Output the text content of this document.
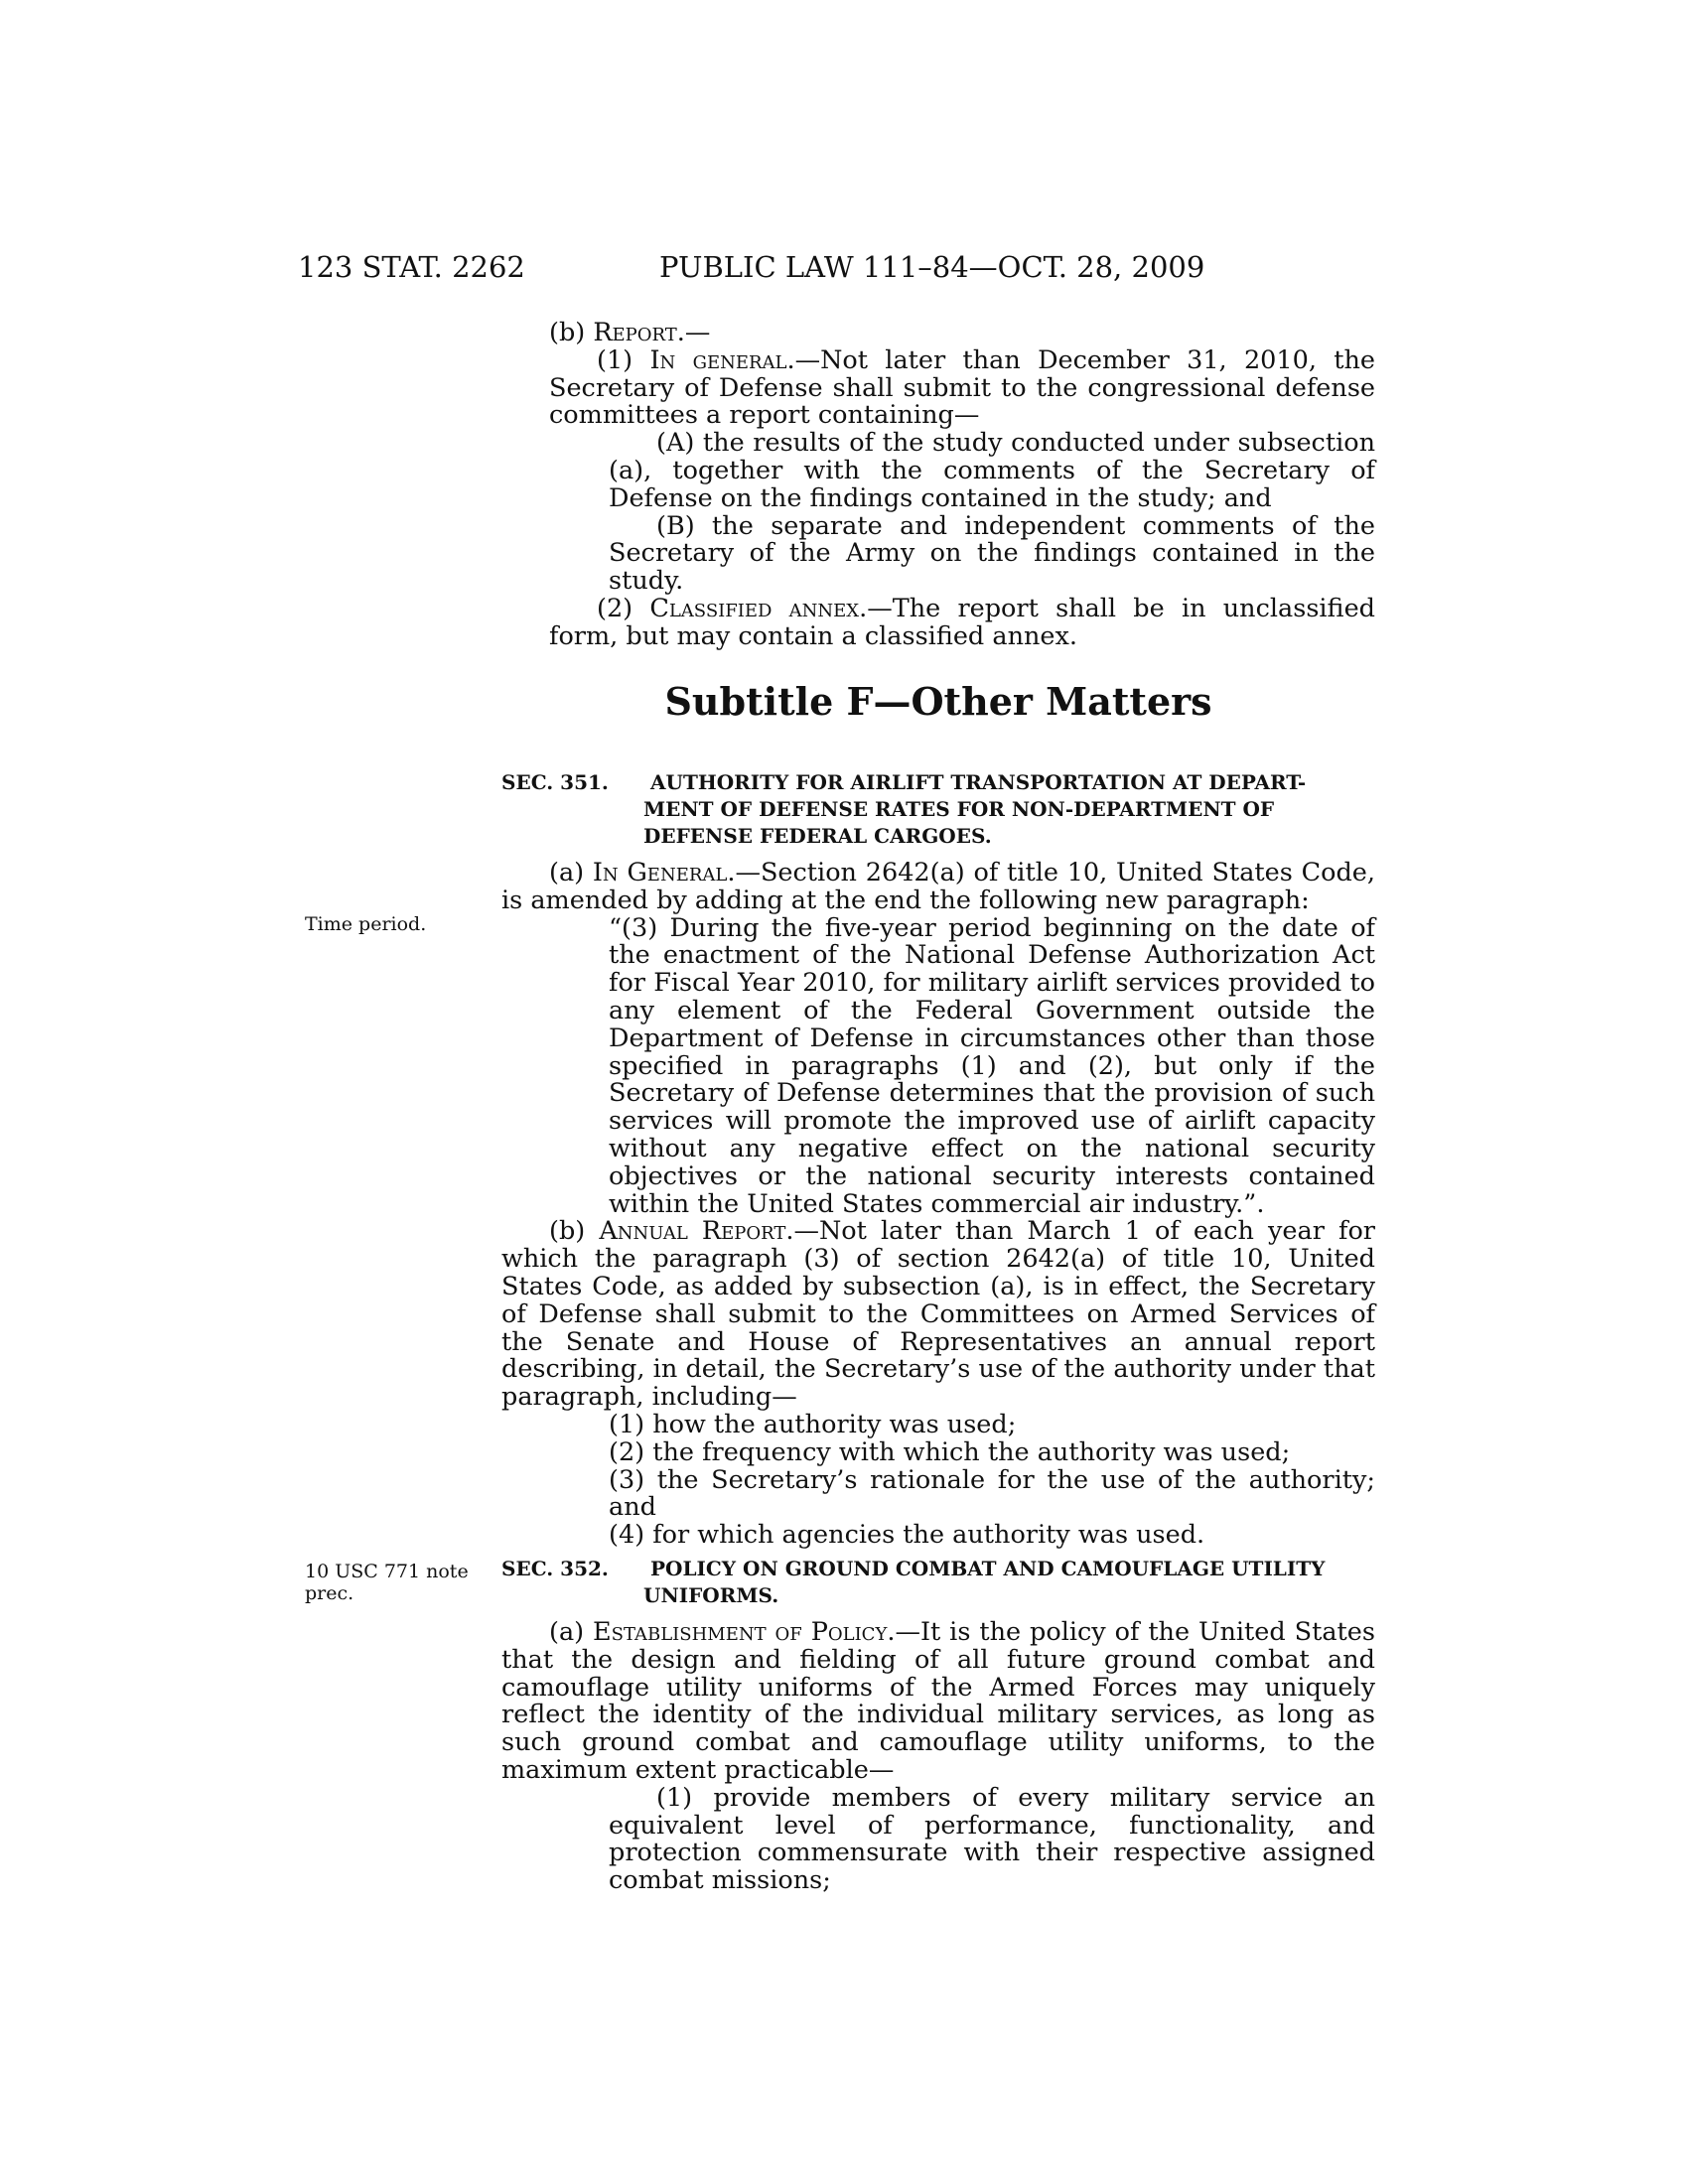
123 STAT. 2262	PUBLIC LAW 111–84—OCT. 28, 2009

(b) Report.—

(1) In general.—Not later than December 31, 2010, the Secretary of Defense shall submit to the congressional defense committees a report containing—

(A) the results of the study conducted under subsection (a), together with the comments of the Secretary of Defense on the findings contained in the study; and

(B) the separate and independent comments of the Secretary of the Army on the findings contained in the study.

(2) Classified annex.—The report shall be in unclassified form, but may contain a classified annex.

Subtitle F—Other Matters
SEC. 351. AUTHORITY FOR AIRLIFT TRANSPORTATION AT DEPART-
MENT OF DEFENSE RATES FOR NON-DEPARTMENT OF
DEFENSE FEDERAL CARGOES.

(a) In General.—Section 2642(a) of title 10, United States Code, is amended by adding at the end the following new paragraph:

“(3) During the five-year period beginning on the date of the enactment of the National Defense Authorization Act for Fiscal Year 2010, for military airlift services provided to any element of the Federal Government outside the Department of Defense in circumstances other than those specified in paragraphs (1) and (2), but only if the Secretary of Defense determines that the provision of such services will promote the improved use of airlift capacity without any negative effect on the national security objectives or the national security interests contained within the United States commercial air industry.”.

(b) Annual Report.—Not later than March 1 of each year for which the paragraph (3) of section 2642(a) of title 10, United States Code, as added by subsection (a), is in effect, the Secretary of Defense shall submit to the Committees on Armed Services of the Senate and House of Representatives an annual report describing, in detail, the Secretary’s use of the authority under that paragraph, including—

(1) how the authority was used;

(2) the frequency with which the authority was used;

(3) the Secretary’s rationale for the use of the authority; and

(4) for which agencies the authority was used.

SEC. 352. POLICY ON GROUND COMBAT AND CAMOUFLAGE UTILITY
UNIFORMS.

(a) Establishment of Policy.—It is the policy of the United States that the design and fielding of all future ground combat and camouflage utility uniforms of the Armed Forces may uniquely reflect the identity of the individual military services, as long as such ground combat and camouflage utility uniforms, to the maximum extent practicable—

(1) provide members of every military service an equivalent level of performance, functionality, and protection commensurate with their respective assigned combat missions;

Time period.
10 USC 771 note
prec.
